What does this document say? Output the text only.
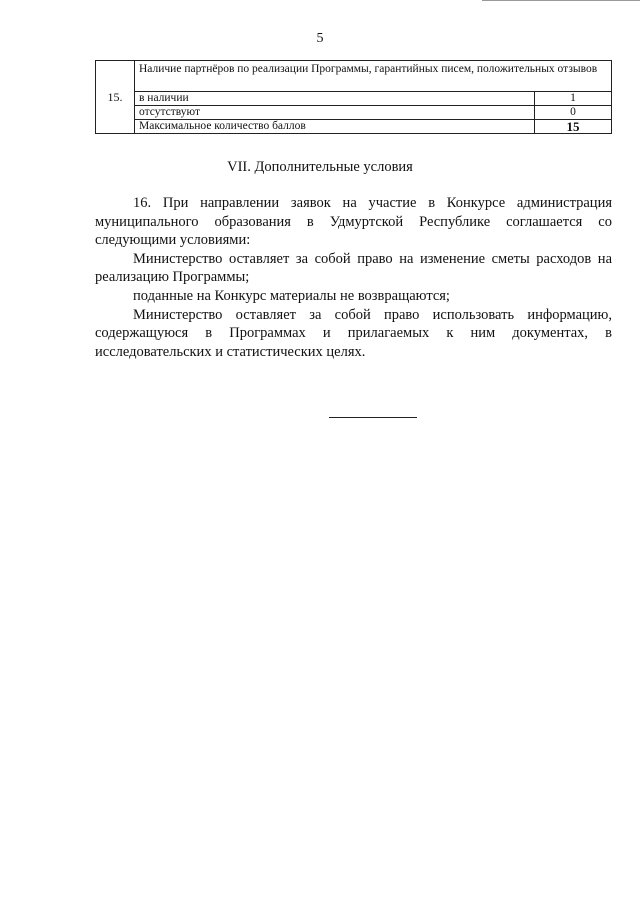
5
15.	Наличие партнёров по реализации Программы, гарантийных писем, положительных отзывов	
	в наличии	1
	отсутствуют	0
	Максимальное количество баллов	15
VII. Дополнительные условия

16. При направлении заявок на участие в Конкурсе администрация муниципального образования в Удмуртской Республике соглашается со следующими условиями:

Министерство оставляет за собой право на изменение сметы расходов на реализацию Программы;

поданные на Конкурс материалы не возвращаются;

Министерство оставляет за собой право использовать информацию, содержащуюся в Программах и прилагаемых к ним документах, в исследовательских и статистических целях.
